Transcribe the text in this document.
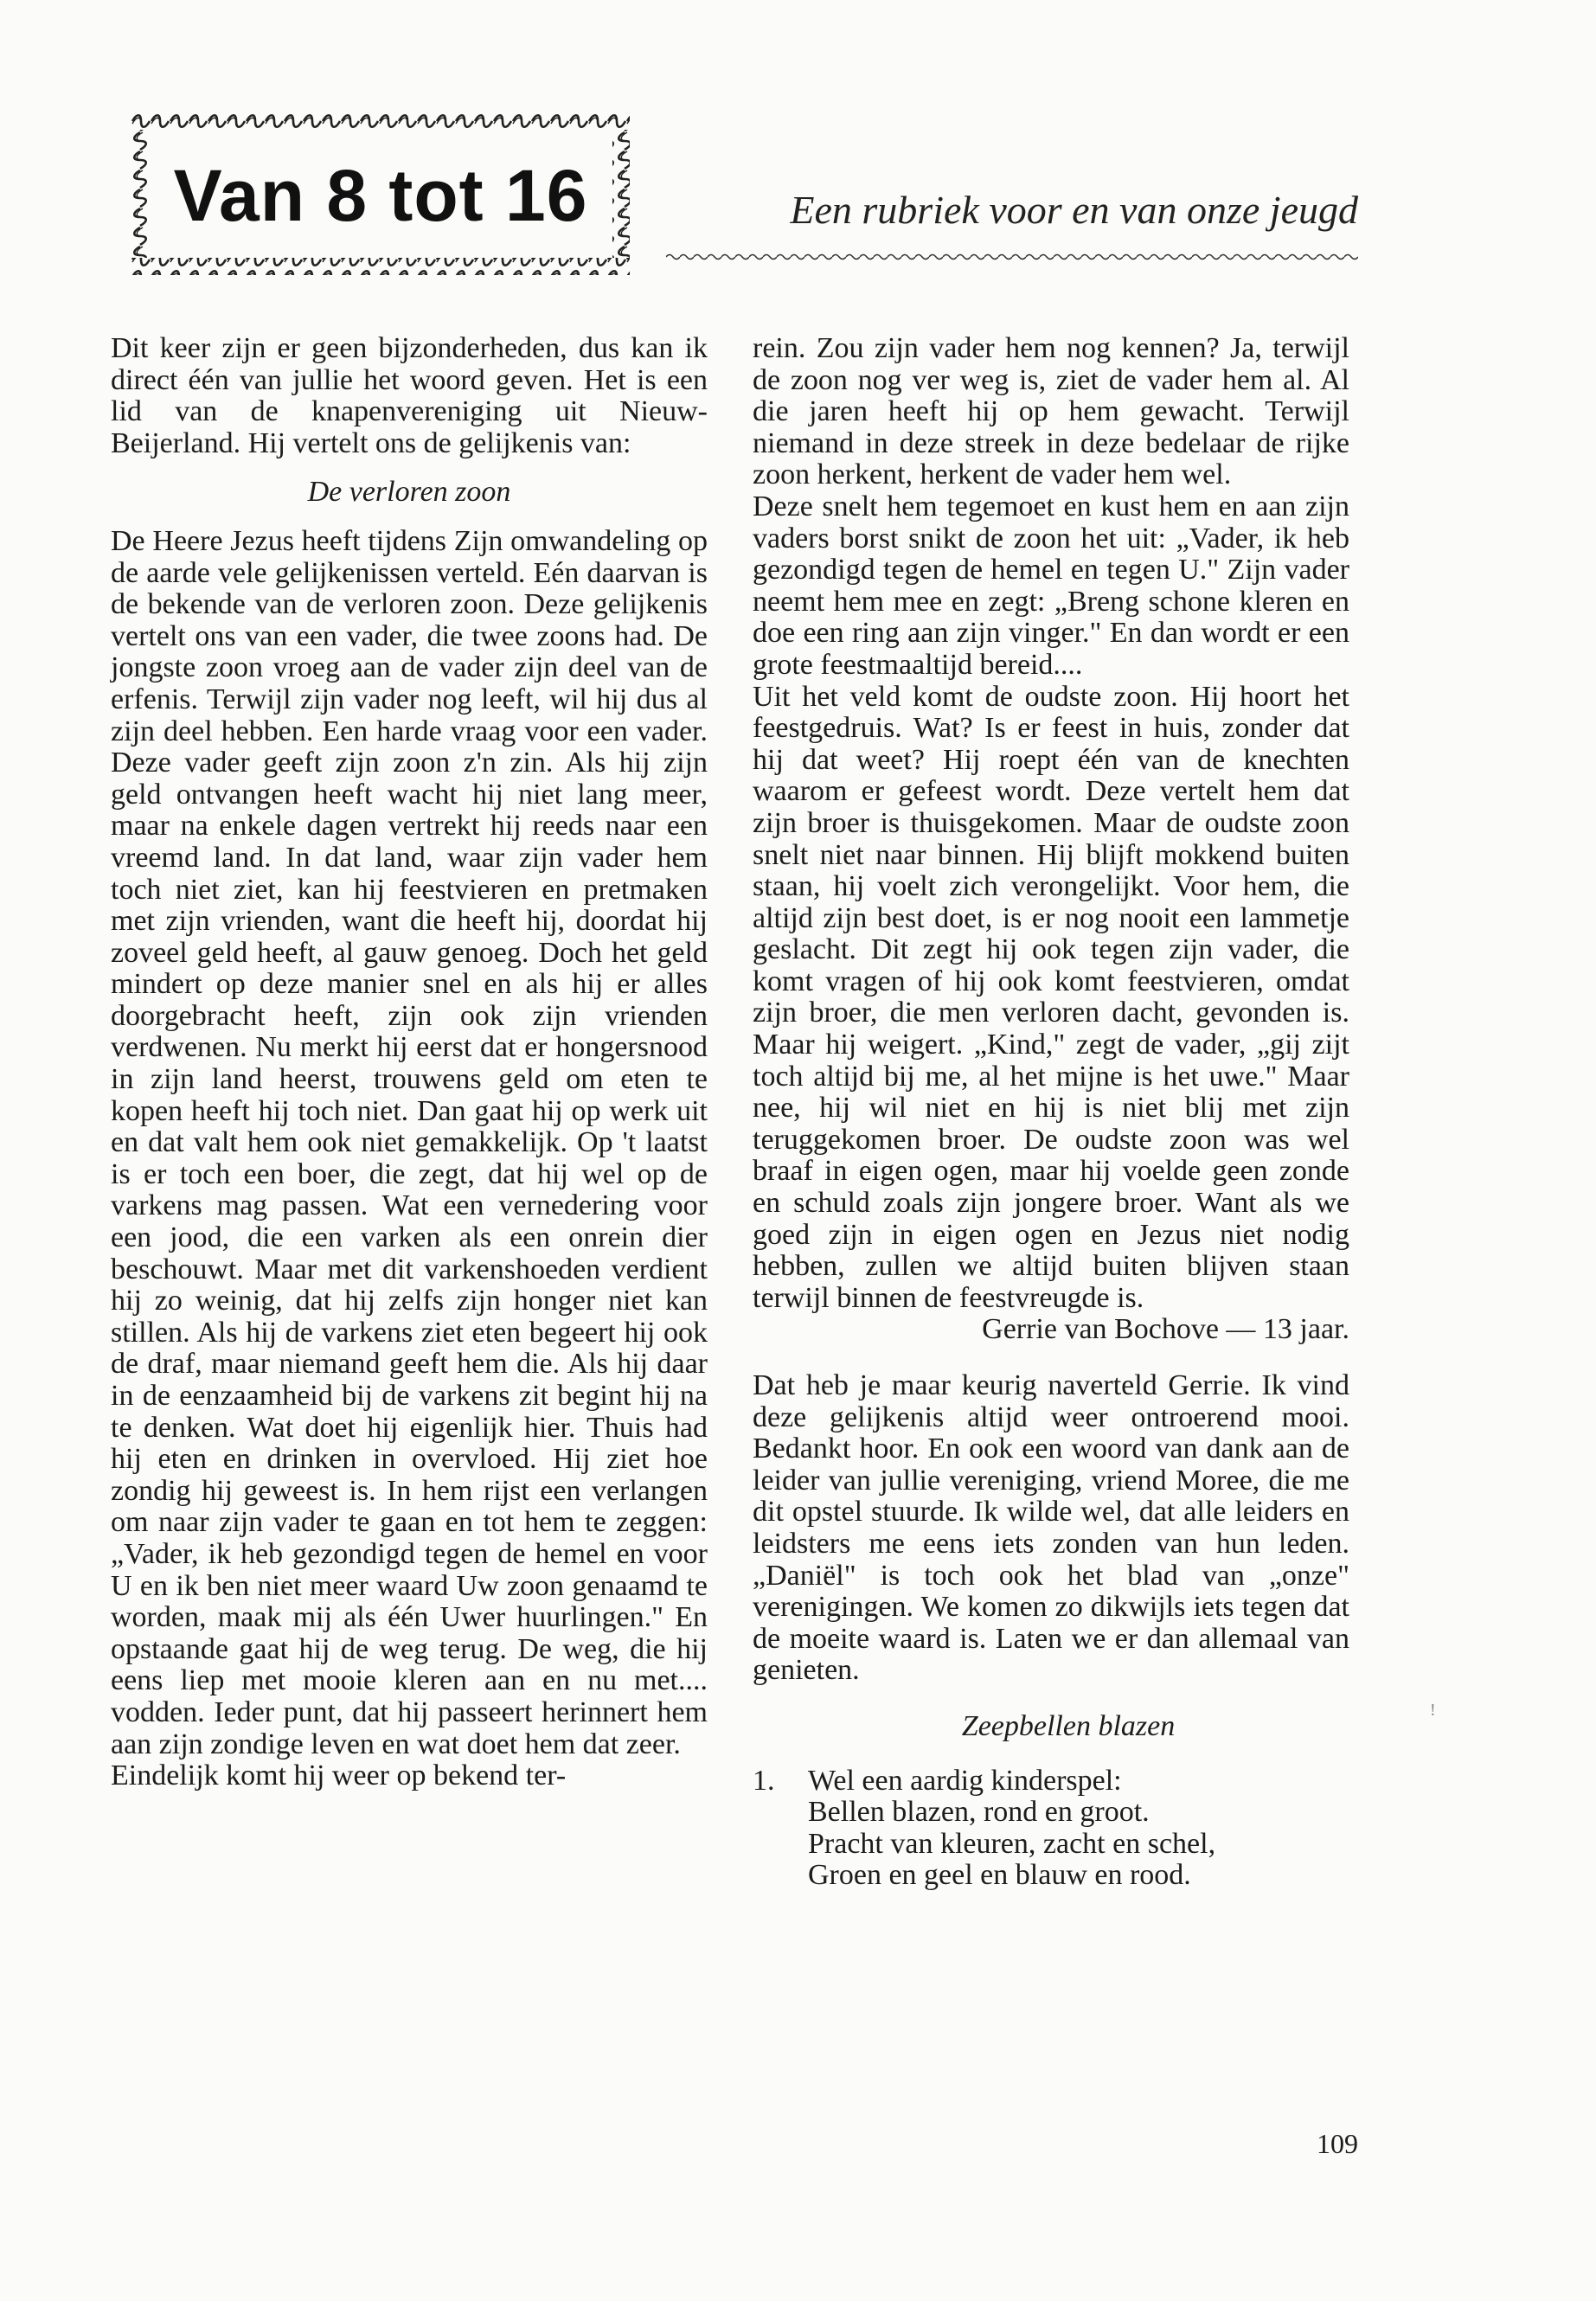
Van 8 tot 16	Een rubriek voor en van onze jeugd

Dit keer zijn er geen bijzonderheden, dus kan ik direct één van jullie het woord geven. Het is een lid van de knapenvereniging uit Nieuw-Beijerland. Hij vertelt ons de gelijkenis van:

De verloren zoon

De Heere Jezus heeft tijdens Zijn omwandeling op de aarde vele gelijkenissen verteld. Eén daarvan is de bekende van de verloren zoon. Deze gelijkenis vertelt ons van een vader, die twee zoons had. De jongste zoon vroeg aan de vader zijn deel van de erfenis. Terwijl zijn vader nog leeft, wil hij dus al zijn deel hebben. Een harde vraag voor een vader. Deze vader geeft zijn zoon z'n zin. Als hij zijn geld ontvangen heeft wacht hij niet lang meer, maar na enkele dagen vertrekt hij reeds naar een vreemd land. In dat land, waar zijn vader hem toch niet ziet, kan hij feestvieren en pretmaken met zijn vrienden, want die heeft hij, doordat hij zoveel geld heeft, al gauw genoeg. Doch het geld mindert op deze manier snel en als hij er alles doorgebracht heeft, zijn ook zijn vrienden verdwenen. Nu merkt hij eerst dat er hongersnood in zijn land heerst, trouwens geld om eten te kopen heeft hij toch niet. Dan gaat hij op werk uit en dat valt hem ook niet gemakkelijk. Op 't laatst is er toch een boer, die zegt, dat hij wel op de varkens mag passen. Wat een vernedering voor een jood, die een varken als een onrein dier beschouwt. Maar met dit varkenshoeden verdient hij zo weinig, dat hij zelfs zijn honger niet kan stillen. Als hij de varkens ziet eten begeert hij ook de draf, maar niemand geeft hem die. Als hij daar in de eenzaamheid bij de varkens zit begint hij na te denken. Wat doet hij eigenlijk hier. Thuis had hij eten en drinken in overvloed. Hij ziet hoe zondig hij geweest is. In hem rijst een verlangen om naar zijn vader te gaan en tot hem te zeggen: „Vader, ik heb gezondigd tegen de hemel en voor U en ik ben niet meer waard Uw zoon genaamd te worden, maak mij als één Uwer huurlingen." En opstaande gaat hij de weg terug. De weg, die hij eens liep met mooie kleren aan en nu met.... vodden. Ieder punt, dat hij passeert herinnert hem aan zijn zondige leven en wat doet hem dat zeer.

Eindelijk komt hij weer op bekend ter-

rein. Zou zijn vader hem nog kennen? Ja, terwijl de zoon nog ver weg is, ziet de vader hem al. Al die jaren heeft hij op hem gewacht. Terwijl niemand in deze streek in deze bedelaar de rijke zoon herkent, herkent de vader hem wel.

Deze snelt hem tegemoet en kust hem en aan zijn vaders borst snikt de zoon het uit: „Vader, ik heb gezondigd tegen de hemel en tegen U." Zijn vader neemt hem mee en zegt: „Breng schone kleren en doe een ring aan zijn vinger." En dan wordt er een grote feestmaaltijd bereid....

Uit het veld komt de oudste zoon. Hij hoort het feestgedruis. Wat? Is er feest in huis, zonder dat hij dat weet? Hij roept één van de knechten waarom er gefeest wordt. Deze vertelt hem dat zijn broer is thuisgekomen. Maar de oudste zoon snelt niet naar binnen. Hij blijft mokkend buiten staan, hij voelt zich verongelijkt. Voor hem, die altijd zijn best doet, is er nog nooit een lammetje geslacht. Dit zegt hij ook tegen zijn vader, die komt vragen of hij ook komt feestvieren, omdat zijn broer, die men verloren dacht, gevonden is. Maar hij weigert. „Kind," zegt de vader, „gij zijt toch altijd bij me, al het mijne is het uwe." Maar nee, hij wil niet en hij is niet blij met zijn teruggekomen broer. De oudste zoon was wel braaf in eigen ogen, maar hij voelde geen zonde en schuld zoals zijn jongere broer. Want als we goed zijn in eigen ogen en Jezus niet nodig hebben, zullen we altijd buiten blijven staan terwijl binnen de feestvreugde is.

Gerrie van Bochove — 13 jaar.

Dat heb je maar keurig naverteld Gerrie. Ik vind deze gelijkenis altijd weer ontroerend mooi. Bedankt hoor. En ook een woord van dank aan de leider van jullie vereniging, vriend Moree, die me dit opstel stuurde. Ik wilde wel, dat alle leiders en leidsters me eens iets zonden van hun leden. „Daniël" is toch ook het blad van „onze" verenigingen. We komen zo dikwijls iets tegen dat de moeite waard is. Laten we er dan allemaal van genieten.

Zeepbellen blazen

1.	Wel een aardig kinderspel:
Bellen blazen, rond en groot.
Pracht van kleuren, zacht en schel,
Groen en geel en blauw en rood.
!
109
